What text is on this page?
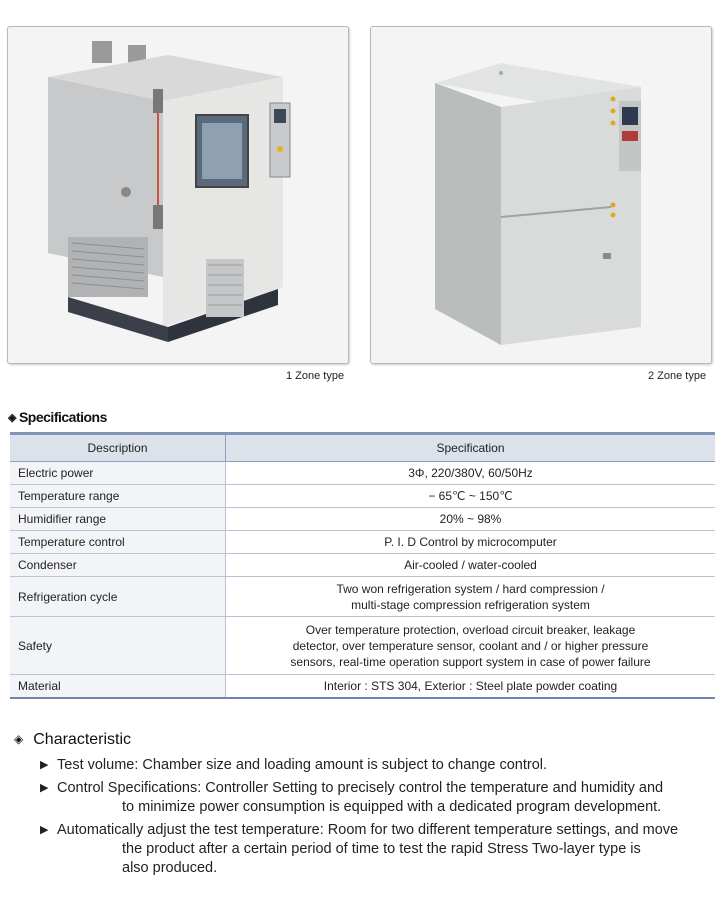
1 Zone type	2 Zone type
◈ Specifications
Description	Specification
Electric power	3Φ, 220/380V, 60/50Hz
Temperature range	− 65℃ ~ 150℃
Humidifier range	20% ~ 98%
Temperature control	P. I. D Control by microcomputer
Condenser	Air-cooled / water-cooled
Refrigeration cycle	Two won refrigeration system / hard compression /
multi-stage compression refrigeration system
Safety	Over temperature protection, overload circuit breaker, leakage
detector, over temperature sensor, coolant and / or higher pressure
sensors, real-time operation support system in case of power failure
Material	Interior : STS 304, Exterior : Steel plate powder coating
◈ Characteristic
▶ Test volume: Chamber size and loading amount is subject to change control.
▶ Control Specifications: Controller Setting to precisely control the temperature and humidity and
to minimize power consumption is equipped with a dedicated program development.
▶ Automatically adjust the test temperature: Room for two different temperature settings, and move
the product after a certain period of time to test the rapid Stress Two-layer type is
also produced.
